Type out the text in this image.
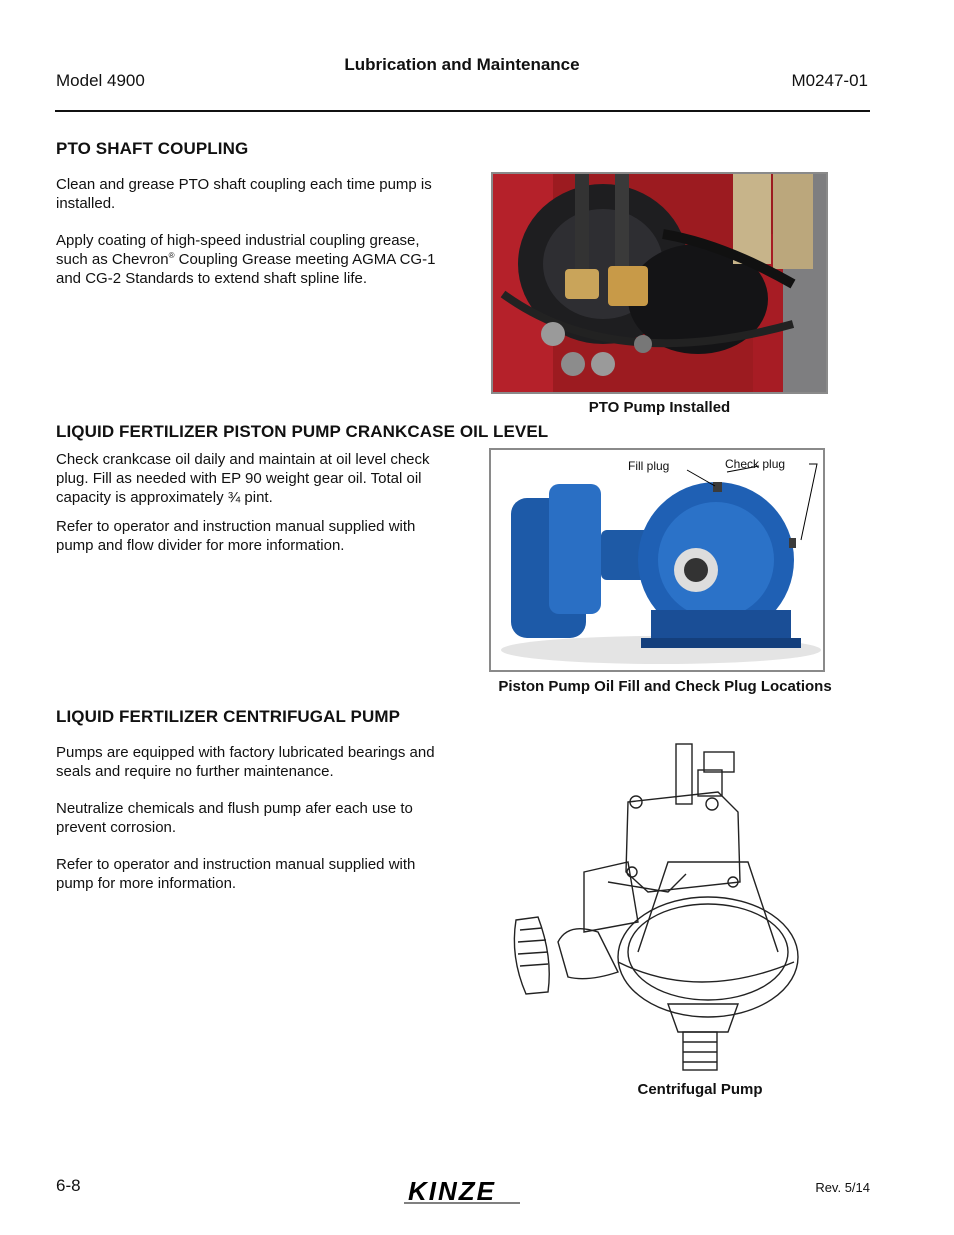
Lubrication and Maintenance
Model 4900	M0247-01
PTO SHAFT COUPLING

Clean and grease PTO shaft coupling each time pump is installed.

Apply coating of high-speed industrial coupling grease, such as Chevron® Coupling Grease meeting AGMA CG-1 and CG-2 Standards to extend shaft spline life.

PTO Pump Installed
LIQUID FERTILIZER PISTON PUMP CRANKCASE OIL LEVEL

Check crankcase oil daily and maintain at oil level check plug. Fill as needed with EP 90 weight gear oil. Total oil capacity is approximately ¾ pint.

Refer to operator and instruction manual supplied with pump and flow divider for more information.

Fill plug	Check plug
Piston Pump Oil Fill and Check Plug Locations
LIQUID FERTILIZER CENTRIFUGAL PUMP

Pumps are equipped with factory lubricated bearings and seals and require no further maintenance.

Neutralize chemicals and flush pump afer each use to prevent corrosion.

Refer to operator and instruction manual supplied with pump for more information.

Centrifugal Pump
6-8	KINZE	Rev. 5/14
